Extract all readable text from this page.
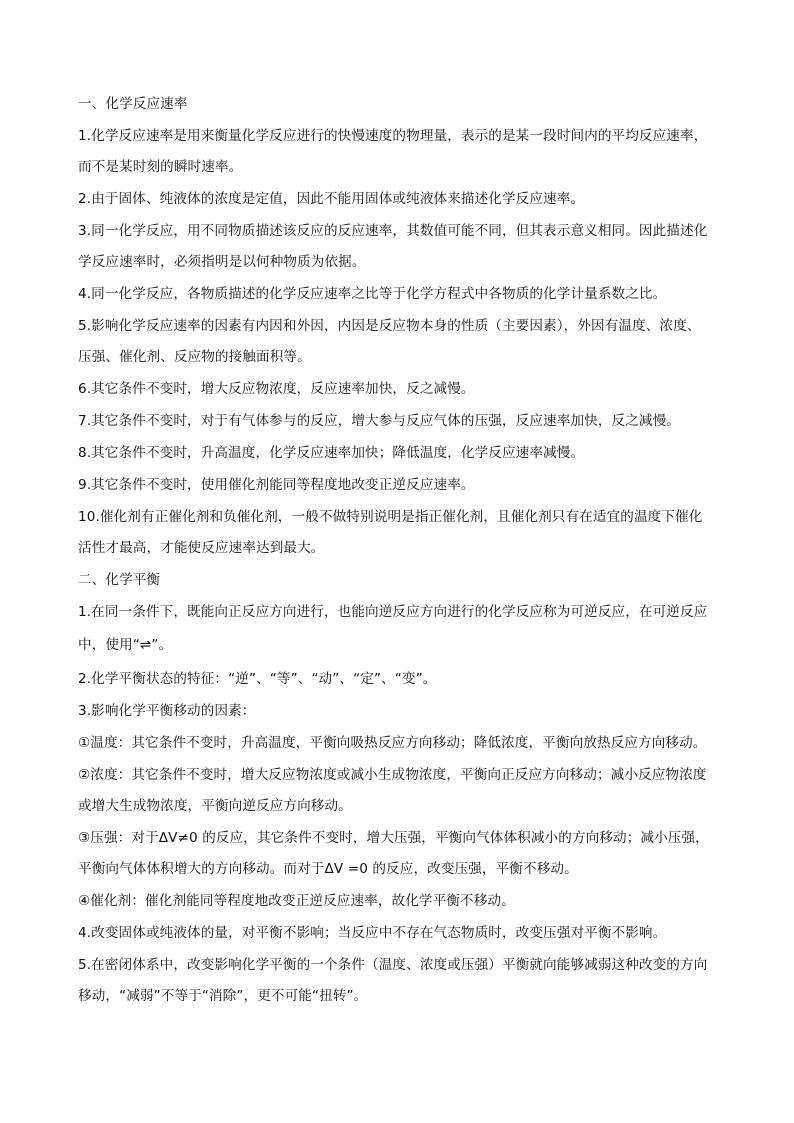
一、化学反应速率

1.化学反应速率是用来衡量化学反应进行的快慢速度的物理量，表示的是某一段时间内的平均反应速率，

而不是某时刻的瞬时速率。

2.由于固体、纯液体的浓度是定值，因此不能用固体或纯液体来描述化学反应速率。

3.同一化学反应，用不同物质描述该反应的反应速率，其数值可能不同，但其表示意义相同。因此描述化

学反应速率时，必须指明是以何种物质为依据。

4.同一化学反应，各物质描述的化学反应速率之比等于化学方程式中各物质的化学计量系数之比。

5.影响化学反应速率的因素有内因和外因，内因是反应物本身的性质（主要因素），外因有温度、浓度、

压强、催化剂、反应物的接触面积等。

6.其它条件不变时，增大反应物浓度，反应速率加快，反之减慢。

7.其它条件不变时，对于有气体参与的反应，增大参与反应气体的压强，反应速率加快，反之减慢。

8.其它条件不变时，升高温度，化学反应速率加快；降低温度，化学反应速率减慢。

9.其它条件不变时，使用催化剂能同等程度地改变正逆反应速率。

10.催化剂有正催化剂和负催化剂，一般不做特别说明是指正催化剂，且催化剂只有在适宜的温度下催化

活性才最高，才能使反应速率达到最大。

二、化学平衡

1.在同一条件下，既能向正反应方向进行，也能向逆反应方向进行的化学反应称为可逆反应，在可逆反应

中，使用“⇌”。

2.化学平衡状态的特征：“逆”、“等”、“动”、“定”、“变”。

3.影响化学平衡移动的因素：

①温度：其它条件不变时，升高温度，平衡向吸热反应方向移动；降低浓度，平衡向放热反应方向移动。

②浓度：其它条件不变时，增大反应物浓度或减小生成物浓度，平衡向正反应方向移动；减小反应物浓度

或增大生成物浓度，平衡向逆反应方向移动。

③压强：对于ΔV≠0 的反应，其它条件不变时，增大压强，平衡向气体体积减小的方向移动；减小压强，

平衡向气体体积增大的方向移动。而对于ΔV =0 的反应，改变压强，平衡不移动。

④催化剂：催化剂能同等程度地改变正逆反应速率，故化学平衡不移动。

4.改变固体或纯液体的量，对平衡不影响；当反应中不存在气态物质时，改变压强对平衡不影响。

5.在密闭体系中，改变影响化学平衡的一个条件（温度、浓度或压强）平衡就向能够减弱这种改变的方向

移动，“减弱”不等于“消除”，更不可能“扭转”。
